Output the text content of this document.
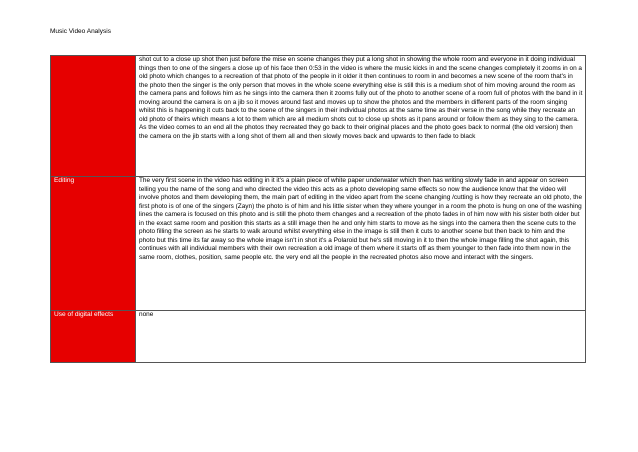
Music Video Analysis

	shot cut to a close up shot then just before the mise en scene changes they put a long shot in showing the whole room and everyone in it doing individual things then to one of the singers a close up of his face then 0:53 in the video is where the music kicks in and the scene changes completely it zooms in on a old photo which changes to a recreation of that photo of the people in it older it then continues to room in and becomes a new scene of the room that's in the photo then the singer is the only person that moves in the whole scene everything else is still this is a medium shot of him moving around the room as the camera pans and follows him as he sings into the camera then it zooms fully out of the photo to another scene of a room full of photos with the band in it moving around the camera is on a jib so it moves around fast and moves up to show the photos and the members in different parts of the room singing whilst this is happening it cuts back to the scene of the singers in their individual photos at the same time as their verse in the song while they recreate an old photo of theirs which means a lot to them which are all medium shots cut to close up shots as it pans around or follow them as they sing to the camera. As the video comes to an end all the photos they recreated they go back to their original places and the photo goes back to normal (the old version) then the camera on the jib starts with a long shot of them all and then slowly moves back and upwards to then fade to black

Editing	The very first scene in the video has editing in it it's a plain piece of white paper underwater which then has writing slowly fade in and appear on screen telling you the name of the song and who directed the video this acts as a photo developing same effects so now the audience know that the video will involve photos and them developing them, the main part of editing in the video apart from the scene changing /cutting is how they recreate an old photo, the first photo is of one of the singers (Zayn) the photo is of him and his little sister when they where younger in a room the photo is hung on one of the washing lines the camera is focused on this photo and is still the photo them changes and a recreation of the photo fades in of him now with his sister both older but in the exact same room and position this starts as a still image then he and only him starts to move as he sings into the camera then the scene cuts to the photo filling the screen as he starts to walk around whilst everything else in the image is still then it cuts to another scene but then back to him and the photo but this time its far away so the whole image isn't in shot it's a Polaroid but he's still moving in it to then the whole image filling the shot again, this continues with all individual members with their own recreation a old image of them where it starts off as them younger to then fade into them now in the same room, clothes, position, same people etc. the very end all the people in the recreated photos also move and interact with the singers.

Use of digital effects	none
